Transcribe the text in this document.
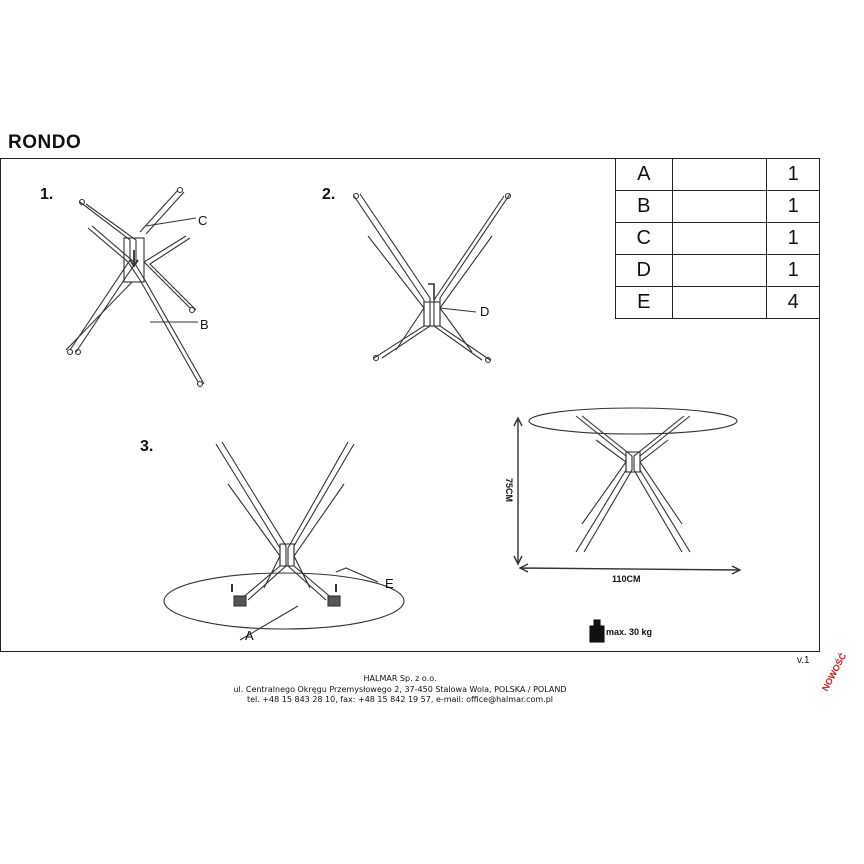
RONDO
1.	2.
3.
C
B
D
E
A
A		1
B		1
C		1
D		1
E		4
75CM
110CM
max. 30 kg
v.1
HALMAR Sp. z o.o.
ul. Centralnego Okręgu Przemysłowego 2, 37-450 Stalowa Wola, POLSKA / POLAND
tel. +48 15 843 28 10, fax: +48 15 842 19 57, e-mail: office@halmar.com.pl
NOWOŚĆ
